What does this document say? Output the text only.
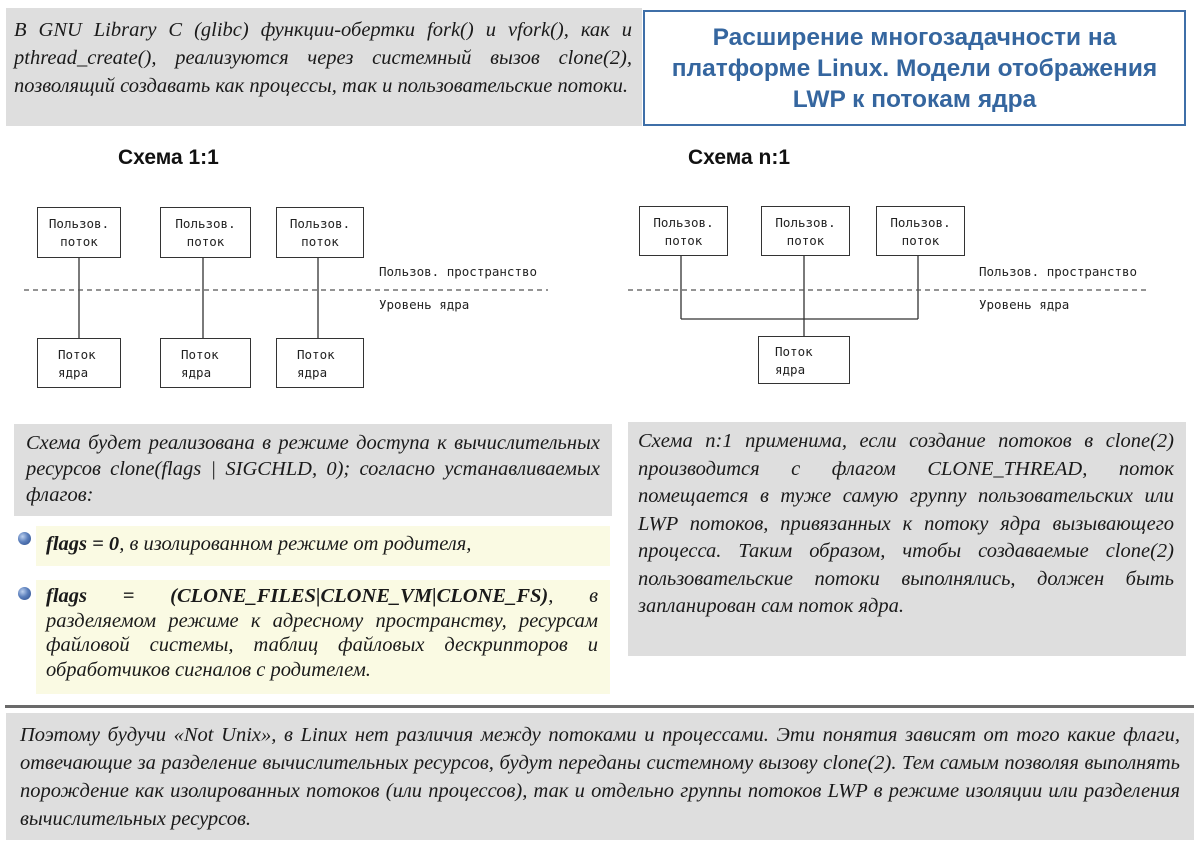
В GNU Library C (glibc) функции-обертки fork() и vfork(), как и pthread_create(), реализуются через системный вызов clone(2), позволящий создавать как процессы, так и пользовательские потоки.
Расширение многозадачности на платформе Linux. Модели отображения LWP к потокам ядра
Схема 1:1	Схема n:1
Пользов.
поток
Пользов.
поток
Пользов.
поток
Поток
ядра
Поток
ядра
Поток
ядра
Пользов. пространство
Уровень ядра
Пользов.
поток
Пользов.
поток
Пользов.
поток
Поток
ядра
Пользов. пространство
Уровень ядра
Схема будет реализована в режиме доступа к вычислительных ресурсов clone(flags | SIGCHLD, 0); согласно устанавливаемых флагов:
flags = 0, в изолированном режиме от родителя,
flags = (CLONE_FILES|CLONE_VM|CLONE_FS), в разделяемом режиме к адресному пространству, ресурсам файловой системы, таблиц файловых дескрипторов и обработчиков сигналов с родителем.
Схема n:1 применима, если создание потоков в clone(2) производится с флагом CLONE_THREAD, поток помещается в туже самую группу пользовательских или LWP потоков, привязанных к потоку ядра вызывающего процесса. Таким образом, чтобы создаваемые clone(2) пользовательские потоки выполнялись, должен быть запланирован сам поток ядра.
Поэтому будучи «Not Unix», в Linux нет различия между потоками и процессами. Эти понятия зависят от того какие флаги, отвечающие за разделение вычислительных ресурсов, будут переданы системному вызову clone(2). Тем самым позволяя выполнять порождение как изолированных потоков (или процессов), так и отдельно группы потоков LWP в режиме изоляции или разделения вычислительных ресурсов.
